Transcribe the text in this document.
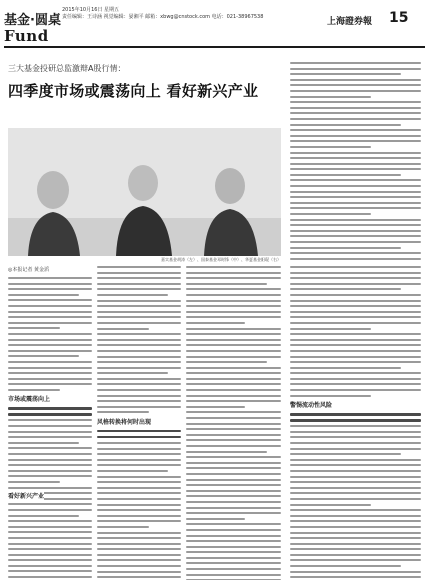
基金·圆桌
Fund
2015年10月16日 星期五
责任编辑：王诗涵 视觉编辑：晏湘平 邮箱：xbwg@cnstock.com 电话：021-38967538	上海證券報 15
三大基金投研总监激辩A股行情：
四季度市场或震荡向上 看好新兴产业
嘉实基金胡涛（左）、国泰基金邓时锋（中）、华夏基金阳琨（右）
◎本报记者 黄金滔
市场或震荡向上
风格转换将何时出现
警惕流动性风险
看好新兴产业
